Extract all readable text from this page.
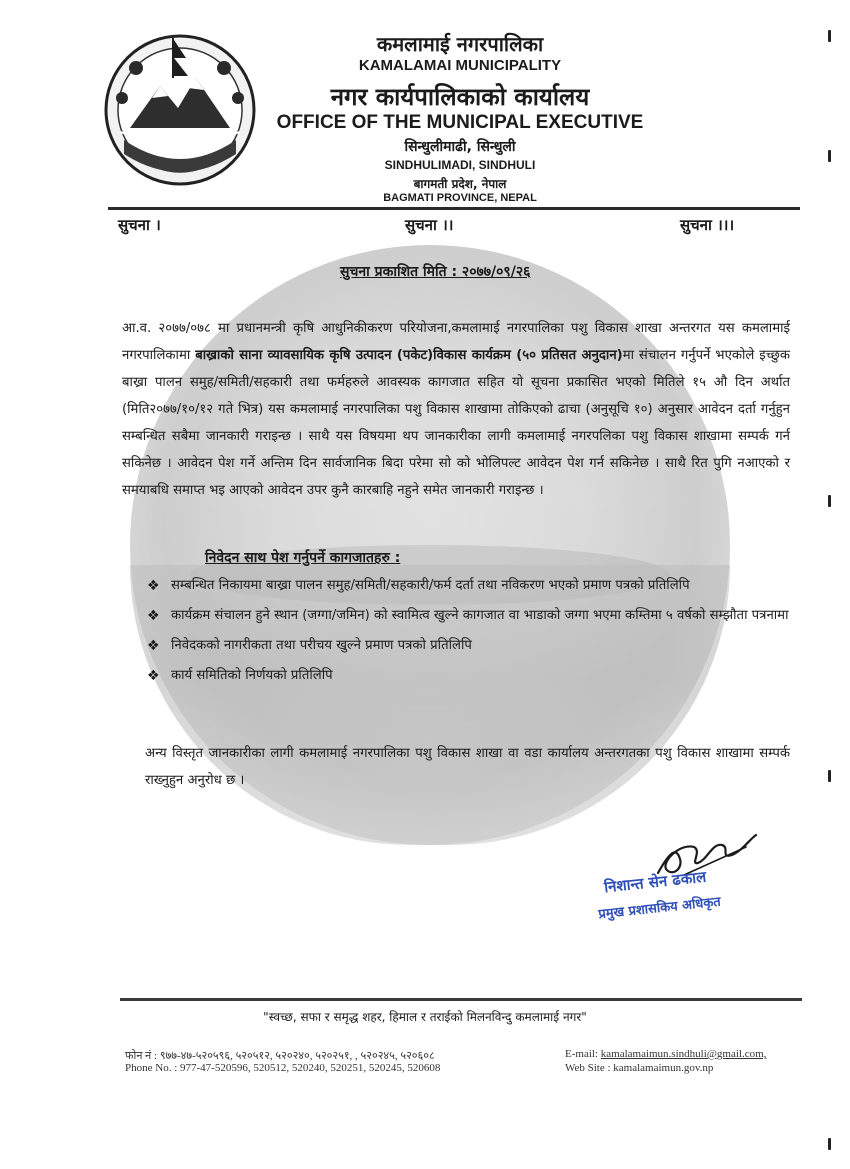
कमलामाई नगरपालिका
KAMALAMAI MUNICIPALITY
नगर कार्यपालिकाको कार्यालय
OFFICE OF THE MUNICIPAL EXECUTIVE
सिन्धुलीमाढी, सिन्धुली
SINDHULIMADI, SINDHULI
बागमती प्रदेश, नेपाल
BAGMATI PROVINCE, NEPAL
सुचना ।	सुचना ।।	सुचना ।।।
सुचना प्रकाशित मिति : २०७७/०९/२६
आ.व. २०७७/०७८ मा प्रधानमन्त्री कृषि आधुनिकीकरण परियोजना,कमलामाई नगरपालिका पशु विकास शाखा अन्तरगत यस कमलामाई नगरपालिकामा बाख्राको साना व्यावसायिक कृषि उत्पादन (पकेट)विकास कार्यक्रम (५० प्रतिसत अनुदान)मा संचालन गर्नुपर्ने भएकोले इच्छुक बाख्रा पालन समुह/समिती/सहकारी तथा फर्महरुले आवस्यक कागजात सहित यो सूचना प्रकासित भएको मितिले १५ औ दिन अर्थात (मिति२०७७/१०/१२ गते भित्र) यस कमलामाई नगरपालिका पशु विकास शाखामा तोकिएको ढाचा (अनुसूचि १०) अनुसार आवेदन दर्ता गर्नुहुन सम्बन्धित सबैमा जानकारी गराइन्छ । साथै यस विषयमा थप जानकारीका लागी कमलामाई नगरपलिका पशु विकास शाखामा सम्पर्क गर्न सकिनेछ । आवेदन पेश गर्ने अन्तिम दिन सार्वजानिक बिदा परेमा सो को भोलिपल्ट आवेदन पेश गर्न सकिनेछ । साथै रित पुगि नआएको र समयाबधि समाप्त भइ आएको आवेदन उपर कुनै कारबाहि नहुने समेत जानकारी गराइन्छ ।
निवेदन साथ पेश गर्नुपर्ने कागजातहरु :
❖ सम्बन्धित निकायमा बाख्रा पालन समुह/समिती/सहकारी/फर्म दर्ता तथा नविकरण भएको प्रमाण पत्रको प्रतिलिपि
❖ कार्यक्रम संचालन हुने स्थान (जग्गा/जमिन) को स्वामित्व खुल्ने कागजात वा भाडाको जग्गा भएमा कम्तिमा ५ वर्षको सम्झौता पत्रनामा
❖ निवेदकको नागरीकता तथा परीचय खुल्ने प्रमाण पत्रको प्रतिलिपि
❖ कार्य समितिको निर्णयको प्रतिलिपि
अन्य विस्तृत जानकारीका लागी कमलामाई नगरपालिका पशु विकास शाखा वा वडा कार्यालय अन्तरगतका पशु विकास शाखामा सम्पर्क राख्नुहुन अनुरोध छ ।
निशान्त सेन ढकाल
प्रमुख प्रशासकिय अधिकृत
"स्वच्छ, सफा र समृद्ध शहर, हिमाल र तराईको मिलनविन्दु कमलामाई नगर"
फोन नं : ९७७-४७-५२०५९६, ५२०५१२, ५२०२४०, ५२०२५१, , ५२०२४५, ५२०६०८
Phone No. : 977-47-520596, 520512, 520240, 520251, 520245, 520608
E-mail: kamalamaimun.sindhuli@gmail.com,
Web Site : kamalamaimun.gov.np
